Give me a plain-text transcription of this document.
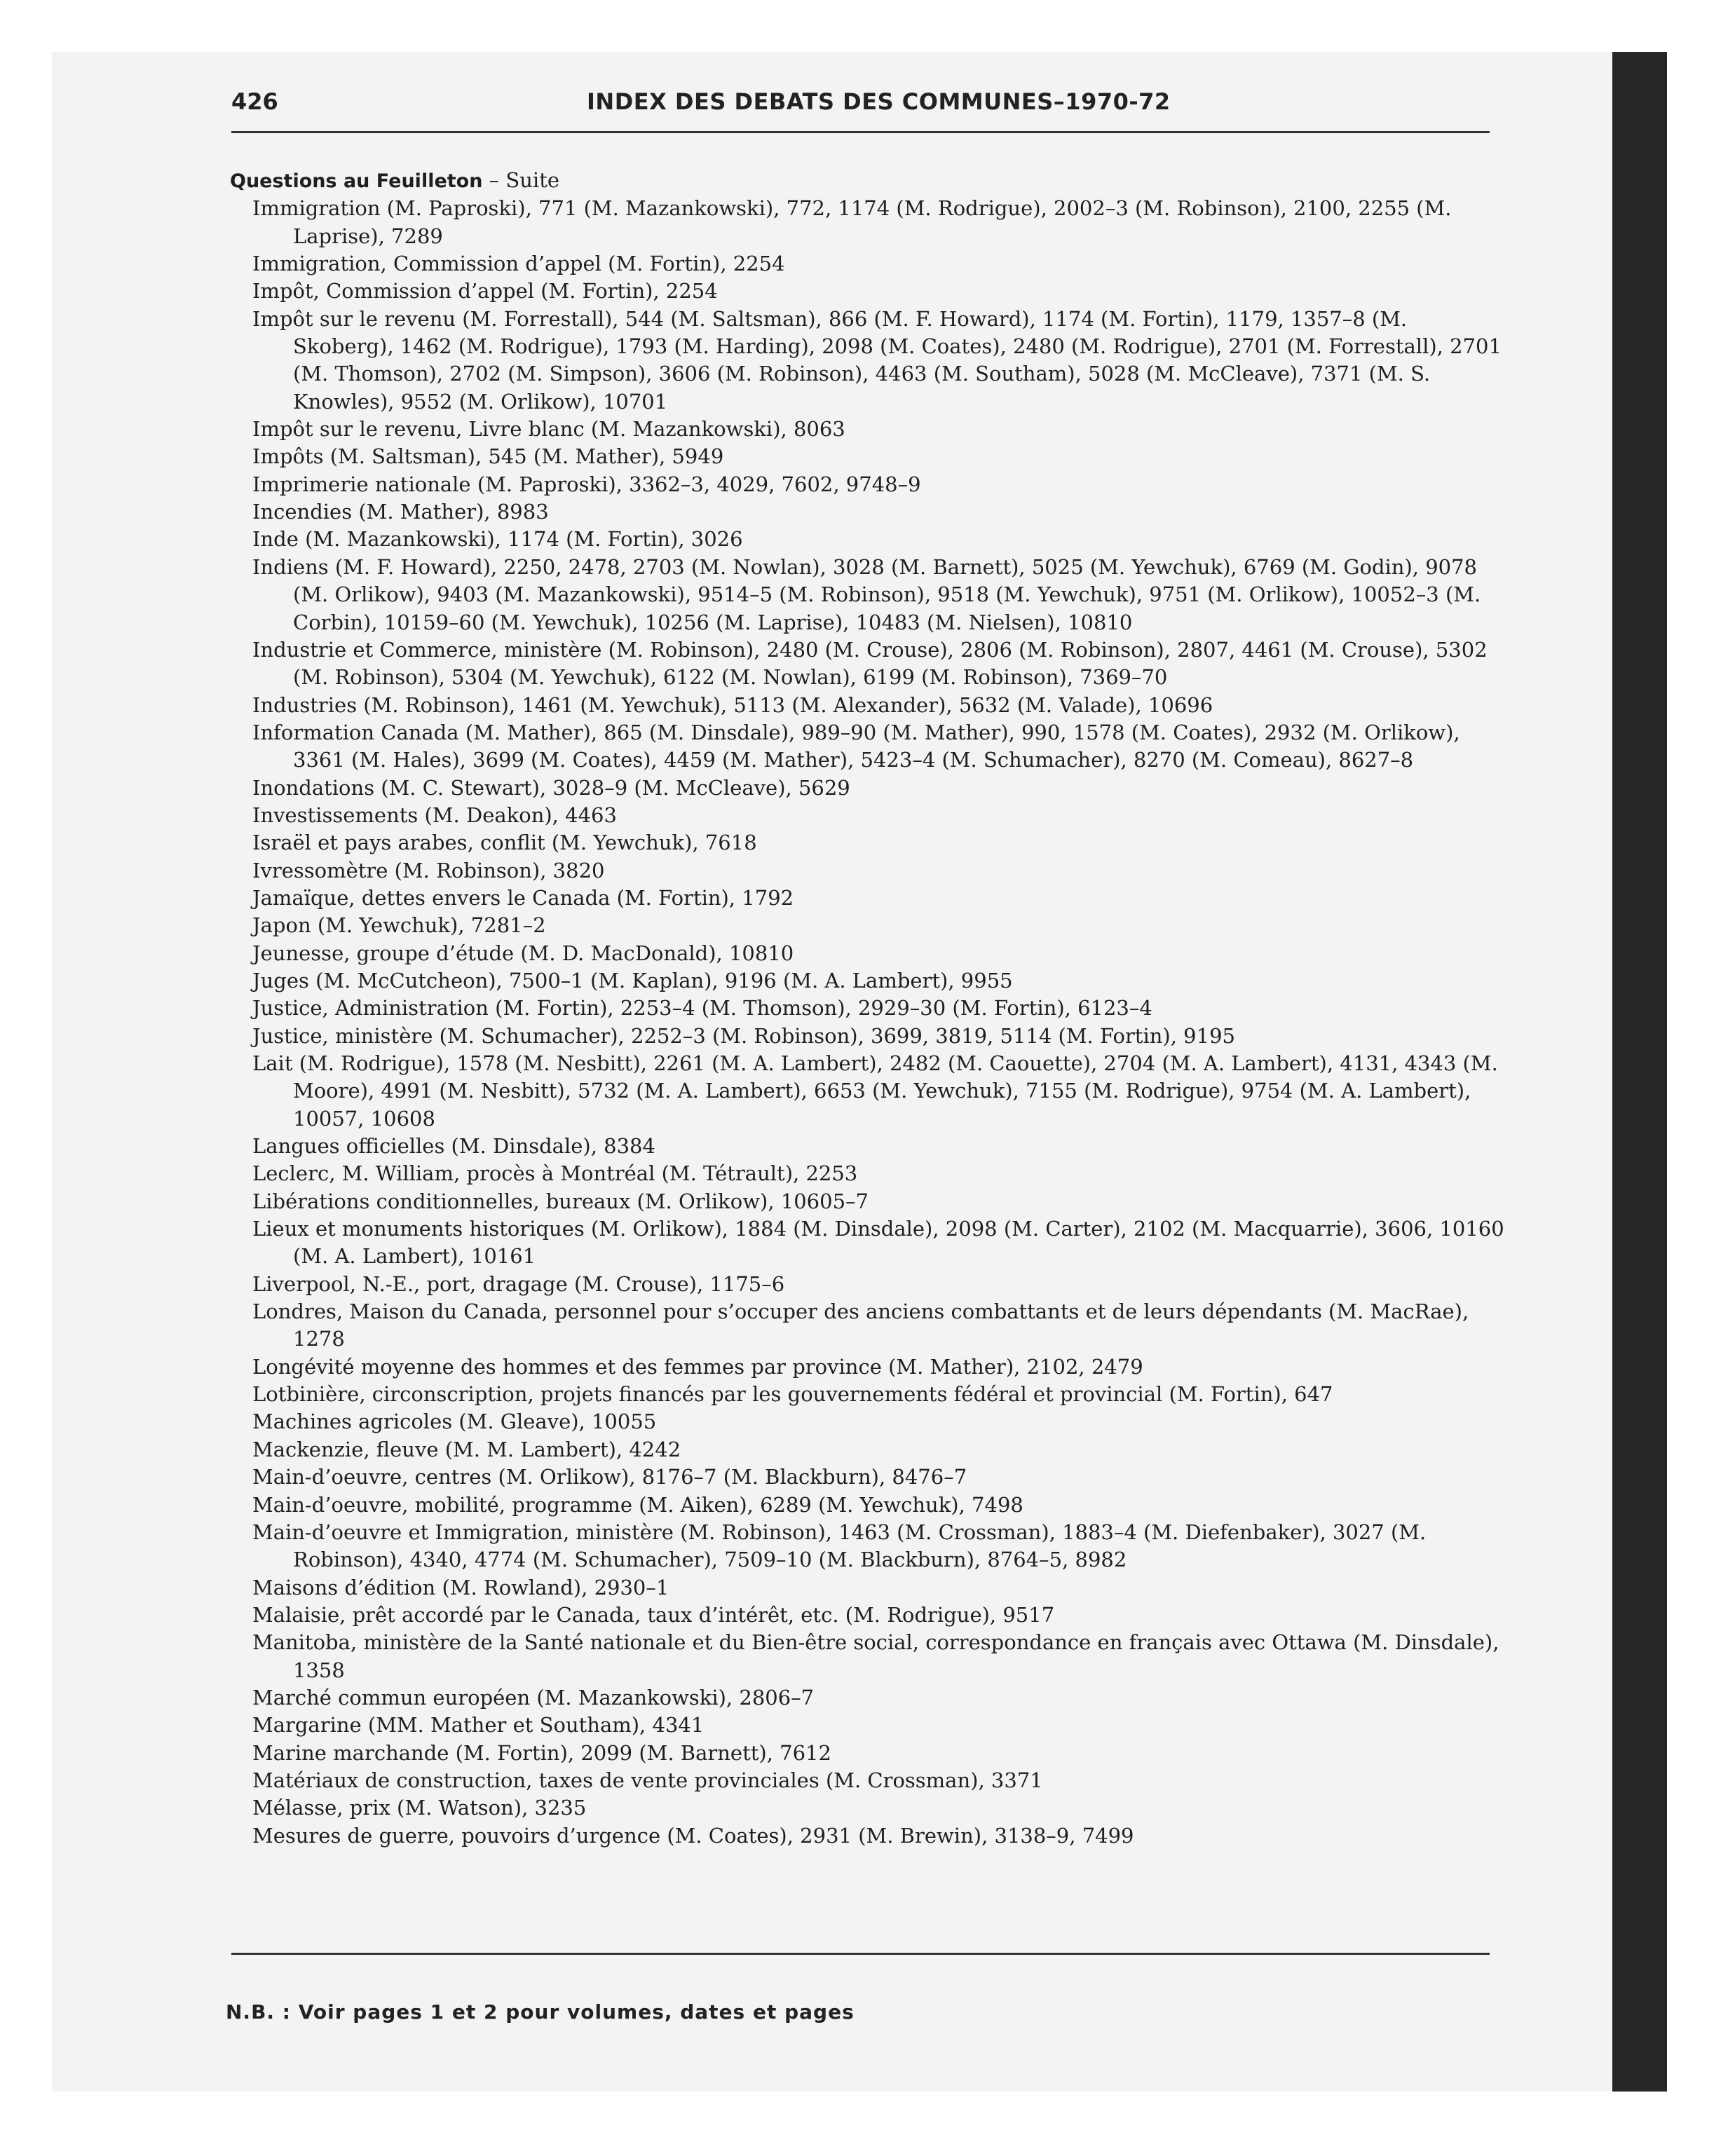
426	INDEX DES DEBATS DES COMMUNES–1970-72
Questions au Feuilleton – Suite
Immigration (M. Paproski), 771 (M. Mazankowski), 772, 1174 (M. Rodrigue), 2002–3 (M. Robinson), 2100, 2255 (M. Laprise), 7289
Immigration, Commission d’appel (M. Fortin), 2254
Impôt, Commission d’appel (M. Fortin), 2254
Impôt sur le revenu (M. Forrestall), 544 (M. Saltsman), 866 (M. F. Howard), 1174 (M. Fortin), 1179, 1357–8 (M. Skoberg), 1462 (M. Rodrigue), 1793 (M. Harding), 2098 (M. Coates), 2480 (M. Rodrigue), 2701 (M. Forrestall), 2701 (M. Thomson), 2702 (M. Simpson), 3606 (M. Robinson), 4463 (M. Southam), 5028 (M. McCleave), 7371 (M. S. Knowles), 9552 (M. Orlikow), 10701
Impôt sur le revenu, Livre blanc (M. Mazankowski), 8063
Impôts (M. Saltsman), 545 (M. Mather), 5949
Imprimerie nationale (M. Paproski), 3362–3, 4029, 7602, 9748–9
Incendies (M. Mather), 8983
Inde (M. Mazankowski), 1174 (M. Fortin), 3026
Indiens (M. F. Howard), 2250, 2478, 2703 (M. Nowlan), 3028 (M. Barnett), 5025 (M. Yewchuk), 6769 (M. Godin), 9078 (M. Orlikow), 9403 (M. Mazankowski), 9514–5 (M. Robinson), 9518 (M. Yewchuk), 9751 (M. Orlikow), 10052–3 (M. Corbin), 10159–60 (M. Yewchuk), 10256 (M. Laprise), 10483 (M. Nielsen), 10810
Industrie et Commerce, ministère (M. Robinson), 2480 (M. Crouse), 2806 (M. Robinson), 2807, 4461 (M. Crouse), 5302 (M. Robinson), 5304 (M. Yewchuk), 6122 (M. Nowlan), 6199 (M. Robinson), 7369–70
Industries (M. Robinson), 1461 (M. Yewchuk), 5113 (M. Alexander), 5632 (M. Valade), 10696
Information Canada (M. Mather), 865 (M. Dinsdale), 989–90 (M. Mather), 990, 1578 (M. Coates), 2932 (M. Orlikow), 3361 (M. Hales), 3699 (M. Coates), 4459 (M. Mather), 5423–4 (M. Schumacher), 8270 (M. Comeau), 8627–8
Inondations (M. C. Stewart), 3028–9 (M. McCleave), 5629
Investissements (M. Deakon), 4463
Israël et pays arabes, conflit (M. Yewchuk), 7618
Ivressomètre (M. Robinson), 3820
Jamaïque, dettes envers le Canada (M. Fortin), 1792
Japon (M. Yewchuk), 7281–2
Jeunesse, groupe d’étude (M. D. MacDonald), 10810
Juges (M. McCutcheon), 7500–1 (M. Kaplan), 9196 (M. A. Lambert), 9955
Justice, Administration (M. Fortin), 2253–4 (M. Thomson), 2929–30 (M. Fortin), 6123–4
Justice, ministère (M. Schumacher), 2252–3 (M. Robinson), 3699, 3819, 5114 (M. Fortin), 9195
Lait (M. Rodrigue), 1578 (M. Nesbitt), 2261 (M. A. Lambert), 2482 (M. Caouette), 2704 (M. A. Lambert), 4131, 4343 (M. Moore), 4991 (M. Nesbitt), 5732 (M. A. Lambert), 6653 (M. Yewchuk), 7155 (M. Rodrigue), 9754 (M. A. Lambert), 10057, 10608
Langues officielles (M. Dinsdale), 8384
Leclerc, M. William, procès à Montréal (M. Tétrault), 2253
Libérations conditionnelles, bureaux (M. Orlikow), 10605–7
Lieux et monuments historiques (M. Orlikow), 1884 (M. Dinsdale), 2098 (M. Carter), 2102 (M. Macquarrie), 3606, 10160 (M. A. Lambert), 10161
Liverpool, N.-E., port, dragage (M. Crouse), 1175–6
Londres, Maison du Canada, personnel pour s’occuper des anciens combattants et de leurs dépendants (M. MacRae), 1278
Longévité moyenne des hommes et des femmes par province (M. Mather), 2102, 2479
Lotbinière, circonscription, projets financés par les gouvernements fédéral et provincial (M. Fortin), 647
Machines agricoles (M. Gleave), 10055
Mackenzie, fleuve (M. M. Lambert), 4242
Main-d’oeuvre, centres (M. Orlikow), 8176–7 (M. Blackburn), 8476–7
Main-d’oeuvre, mobilité, programme (M. Aiken), 6289 (M. Yewchuk), 7498
Main-d’oeuvre et Immigration, ministère (M. Robinson), 1463 (M. Crossman), 1883–4 (M. Diefenbaker), 3027 (M. Robinson), 4340, 4774 (M. Schumacher), 7509–10 (M. Blackburn), 8764–5, 8982
Maisons d’édition (M. Rowland), 2930–1
Malaisie, prêt accordé par le Canada, taux d’intérêt, etc. (M. Rodrigue), 9517
Manitoba, ministère de la Santé nationale et du Bien-être social, correspondance en français avec Ottawa (M. Dinsdale), 1358
Marché commun européen (M. Mazankowski), 2806–7
Margarine (MM. Mather et Southam), 4341
Marine marchande (M. Fortin), 2099 (M. Barnett), 7612
Matériaux de construction, taxes de vente provinciales (M. Crossman), 3371
Mélasse, prix (M. Watson), 3235
Mesures de guerre, pouvoirs d’urgence (M. Coates), 2931 (M. Brewin), 3138–9, 7499
N.B. : Voir pages 1 et 2 pour volumes, dates et pages
